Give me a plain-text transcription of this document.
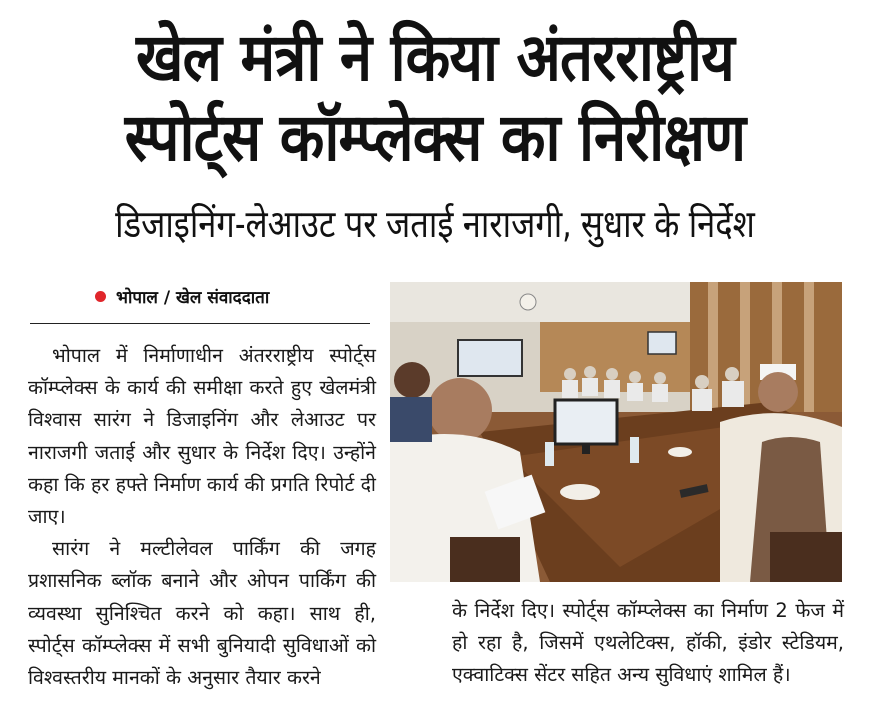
खेल मंत्री ने किया अंतरराष्ट्रीय
स्पोर्ट्स कॉम्प्लेक्स का निरीक्षण
डिजाइनिंग-लेआउट पर जताई नाराजगी, सुधार के निर्देश
भोपाल / खेल संवाददाता

भोपाल में निर्माणाधीन अंतरराष्ट्रीय स्पोर्ट्स कॉम्प्लेक्स के कार्य की समीक्षा करते हुए खेलमंत्री विश्वास सारंग ने डिजाइनिंग और लेआउट पर नाराजगी जताई और सुधार के निर्देश दिए। उन्होंने कहा कि हर हफ्ते निर्माण कार्य की प्रगति रिपोर्ट दी जाए।

सारंग ने मल्टीलेवल पार्किंग की जगह प्रशासनिक ब्लॉक बनाने और ओपन पार्किंग की व्यवस्था सुनिश्चित करने को कहा। साथ ही, स्पोर्ट्स कॉम्प्लेक्स में सभी बुनियादी सुविधाओं को विश्वस्तरीय मानकों के अनुसार तैयार करने

के निर्देश दिए। स्पोर्ट्स कॉम्प्लेक्स का निर्माण 2 फेज में हो रहा है, जिसमें एथलेटिक्स, हॉकी, इंडोर स्टेडियम, एक्वाटिक्स सेंटर सहित अन्य सुविधाएं शामिल हैं।
